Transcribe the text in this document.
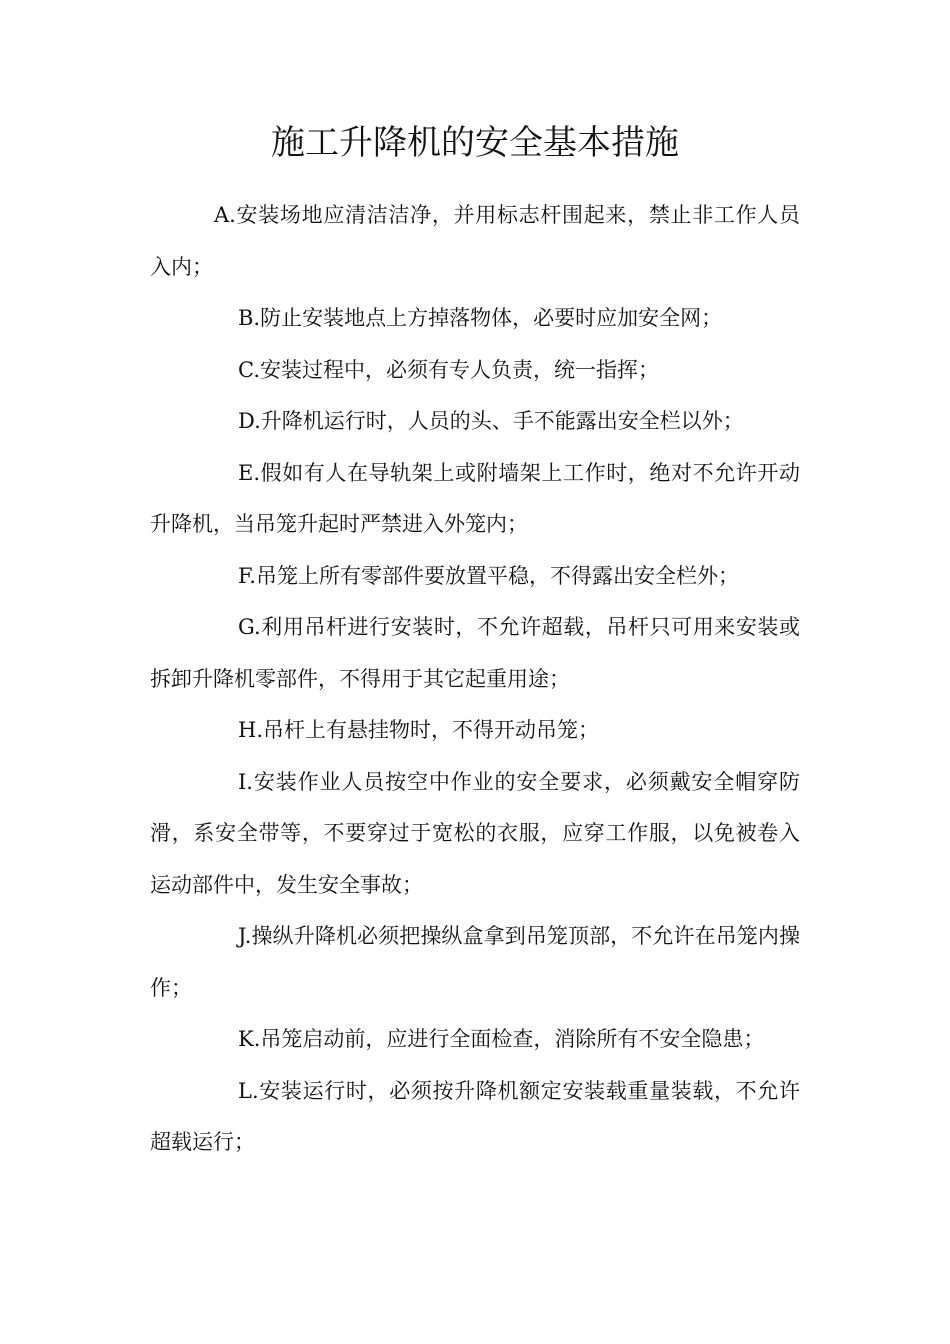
施工升降机的安全基本措施

A.安装场地应清洁洁净，并用标志杆围起来，禁止非工作人员入内；

B.防止安装地点上方掉落物体，必要时应加安全网；

C.安装过程中，必须有专人负责，统一指挥；

D.升降机运行时，人员的头、手不能露出安全栏以外；

E.假如有人在导轨架上或附墙架上工作时，绝对不允许开动升降机，当吊笼升起时严禁进入外笼内；

F.吊笼上所有零部件要放置平稳，不得露出安全栏外；

G.利用吊杆进行安装时，不允许超载，吊杆只可用来安装或拆卸升降机零部件，不得用于其它起重用途；

H.吊杆上有悬挂物时，不得开动吊笼；

I.安装作业人员按空中作业的安全要求，必须戴安全帽穿防滑，系安全带等，不要穿过于宽松的衣服，应穿工作服，以免被卷入运动部件中，发生安全事故；

J.操纵升降机必须把操纵盒拿到吊笼顶部，不允许在吊笼内操作；

K.吊笼启动前，应进行全面检查，消除所有不安全隐患；

L.安装运行时，必须按升降机额定安装载重量装载，不允许超载运行；
